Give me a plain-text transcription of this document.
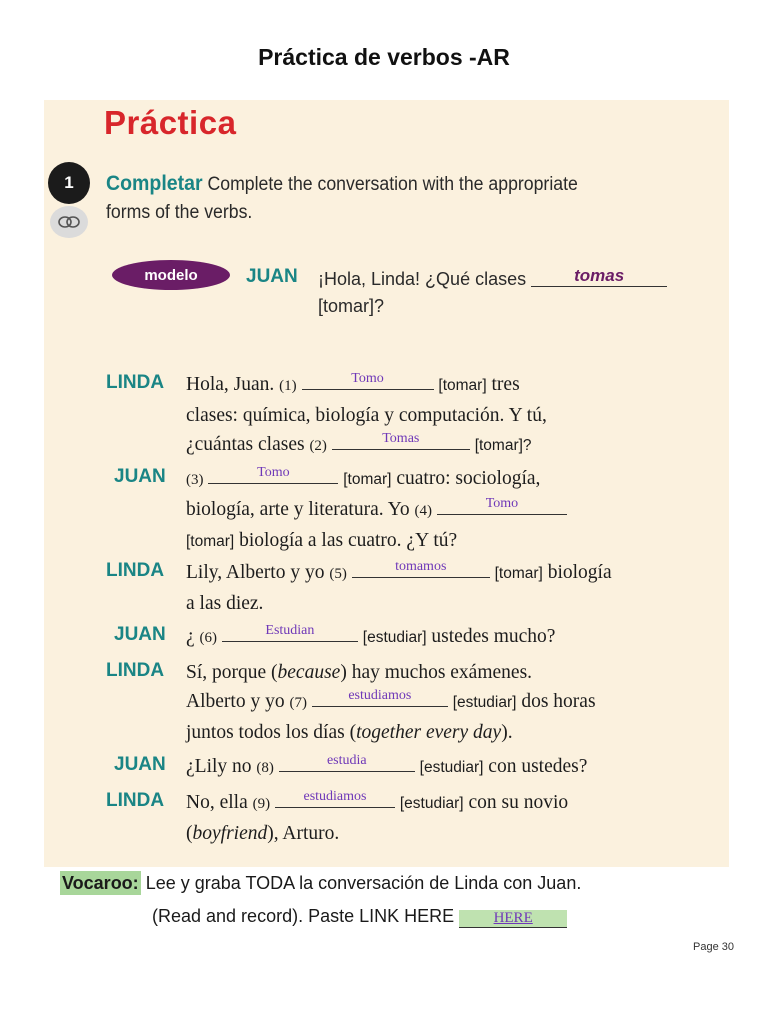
Práctica de verbos -AR
Práctica
1	Completar Complete the conversation with the appropriate
forms of the verbs.
modelo	JUAN ¡Hola, Linda! ¿Qué clases	tomas
[tomar]?
LINDA Hola, Juan. (1)	Tomo	[tomar] tres
clases: química, biología y computación. Y tú,
¿cuántas clases (2)	Tomas	[tomar]?
JUAN (3)	Tomo	[tomar] cuatro: sociología,
biología, arte y literatura. Yo (4)	Tomo

[tomar] biología a las cuatro. ¿Y tú?
LINDA Lily, Alberto y yo (5)	tomamos	[tomar] biología
a las diez.
JUAN ¿ (6)	Estudian	[estudiar] ustedes mucho?
LINDA Sí, porque (because) hay muchos exámenes.
Alberto y yo (7)	estudiamos	[estudiar] dos horas
juntos todos los días (together every day).
JUAN ¿Lily no (8)	estudia	[estudiar] con ustedes?
LINDA No, ella (9)	estudiamos	[estudiar] con su novio
(boyfriend), Arturo.
Vocaroo: Lee y graba TODA la conversación de Linda con Juan.
(Read and record). Paste LINK HERE	HERE
Page 30
